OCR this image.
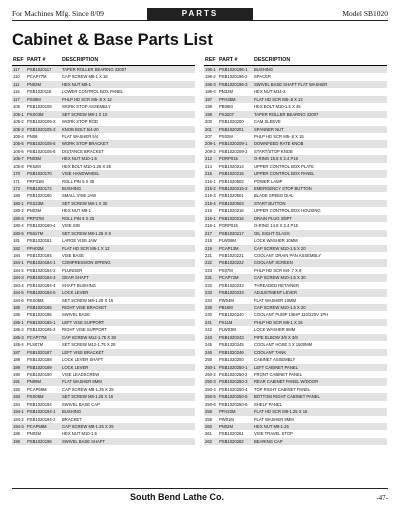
For Machines Mfg. Since 8/09	PARTS	Model SB1020
Cabinet & Base Parts List
REF PART #	DESCRIPTION
117	PSB1020117	TAPER ROLLER BEARING 32007
110	PCAP77M	CAP SCREW M8-1 X 16
111	PN02M	HEX NUT M8-1
115	PSB1020115	LOWER CONTROL BOX PANEL
117	PS09M	PHLP HD SCR M5-.8 X 12
105	PSB1020105	WORK STOP ASSEMBLY
105-1 PSS03M	SET SCREW M8-1 X 10
105-2 PSB1020105-2	WORK STOP ROD
105-3 PSB1020105-3	KNOB BOLT 5/4-20
105-4 PN06	FLAT WASHER 5/4
105-5 PSB1020105-5	WORK STOP BRACKET
105-6 PSB1020105-6	DISTANCE BRACKET
105-7 PN03M	HEX NUT M10-1.5
105-8 PK52M	HEX BOLT M10-1.25 X 25
170	PSB1020170	VISE HANDWHEEL
171	PRP31M	ROLL PIN 5 X 35
172	PSB1020172	BUSHING
180	PSB1020180	SMALL VISE JAW
180-1 PSS23M	SET SCREW M8-1 X 30
180-2 PN03M	HEX NUT M8-1
180-3 PRP37M	ROLL PIN 6 X 25
180-4 PSB1020180-4	VISE GIB
180-5 PS617M	SET SCREW M8-1.25 X 8
181	PSB1020181	LARGE VISE JAW
182	PFH02M	FLAT HD SCR M6-1 X 12
184	PSB1020184	VISE BASE
184-1 PSB1020184-1	COMPRESSION SPRING
184-2 PSB1020184-2	PLUNGER
184-3 PSB1020184-3	GEAR SHAFT
184-4 PSB1020184-4	SHAFT BUSHING
184-5 PSB1020184-5	LOCK LEVER
184-6 PSS06M	SET SCREW M8-1.25 X 16
185	PSB1020185	RIGHT VISE BRACKET
185	PSB1020186	SWIVEL BASE
185-1 PSB1020185-1	LEFT VISE SUPPORT
185-2 PSB1020185-2	RIGHT VISE SUPPORT
185-3 PCAP77M	CAP SCREW M12-1.75 X 30
185-4 PLS07M	SET SCREW M12-1.75 X 25
187	PSB1020187	LEFT VISE BRACKET
188	PSB1020188	LOCK LEVER SHAFT
189	PSB1020189	LOCK LEVER
190	PSB1020190	VISE LEADSCREW
191	PN09M	FLAT WASHER 8MM
192	PCAP58M	CAP SCREW M8-1.25 X 25
193	PSS06M	SET SCREW M8-1.25 X 16
194	PSB1020194	SWIVEL BASE CAP
194-1 PSB1020194-1	BUSHING
194-2 PSB1020194-2	BRACKET
194-3 PCAP58M	CAP SCREW M8-1.25 X 25
195	PN02M	HEX NUT M10-1.5
196	PSB1020196	SWIVEL BASE SHAFT
REF PART #	DESCRIPTION
196-1 PSB1020196-1	BUSHING
196-2 PSB1020196-2	SPACER
196-3 PSB1020196-3	SWIVEL BASE SHAFT FLAT WASHER
196-4 PN32M	HEX NUT M14-2
197	PFH35M	FLAT HD SCR M5-.8 X 12
198	PB08M	HEX BOLT M10-1.5 X 45
199	PS3207	TAPER ROLLER BEARING 32007
200	PSB1020200	CAM SLEEVE
201	PSB1020201	SPANNER NUT
207	PS02M	PHLP HD SCR M5-.8 X 15
209-1 PSB1020209-1	DOWNFEED RATE KNOB
209-2 PSB1020209-2	START/STOP KNOB
212	PORP015	O-RING 15.8 X 2.4 P16
214	PSB1020214	UPPER CONTROL BOX PLATE
215	PSB1020215	UPPER CONTROL BOX PANEL
215-1 PSB1020502	POWER LAMP
215-2 PSB1020215-2	EMERGENCY STOP BUTTON
215-3 PSB1020501	BLADE SPEED DIAL
215-4 PSB1020503	START BUTTON
216	PSB1020216	UPPER CONTROL BOX HOUSING
216-1 PSB1020216	DRAIN PLUG 3/8PT
216-1 PORP015	O-RING 14.8 X 2.4 P15
217	PSB1020217	OIL SIGHT GLASS
218	PLW08M	LOCK WASHER 10MM
219	PCAP13M	CAP SCREW M10-1.5 X 20
221	PSB1020221	COOLANT DRAIN PAN ASSEMBLY
222	PSB1020222	COOLANT SCREEN
223	PS07M	PHLP HD SCR M4-.7 X 8
231	PCAP72M	CAP SCREW M10-1.5 X 30
232	PSB1020232	THREADED RETAINER
233	PSB1020233	ADJUSTMENT LEVER
234	PW04M	FLAT WASHER 10MM
236	PB16M	CAP SCREW M10-1.5 X 20
240	PSB1020240	COOLANT PUMP 1/8HP 110/220V 1PH
241	PS11M	PHLP HD SCR M6-1 X 16
242	PLW03M	LOCK WASHER 6MM
243	PSB1020243	PIPE ELBOW 3/8 X 3/8
245	PSB1020245	COOLANT HOSE 3 X 1500MM
246	PSB1020246	COOLANT TANK
250	PSB1020250	CABINET ASSEMBLY
250-1 PSB1020250-1	LEFT CABINET PANEL
250-2 PSB1020250-2	FRONT CABINET PANEL
250-3 PSB1020250-3	REAR CABINET PANEL W/DOOR
250-4 PSB1020250-4	TOP RIGHT CABINET PANEL
250-5 PSB1020250-5	BOTTOM RIGHT CABINET PANEL
250-6 PSB1020250-6	SHELF PANEL
258	PFH22M	FLAT HD SCR M8-1.25 X 16
259	PW01M	FLAT WASHER 8MM
260	PN02M	HEX NUT M8-1.25
261	PSB1020261	VISE TRAVEL STOP
262	PSB1020262	BEARING CAP
South Bend Lathe Co.	-47-
